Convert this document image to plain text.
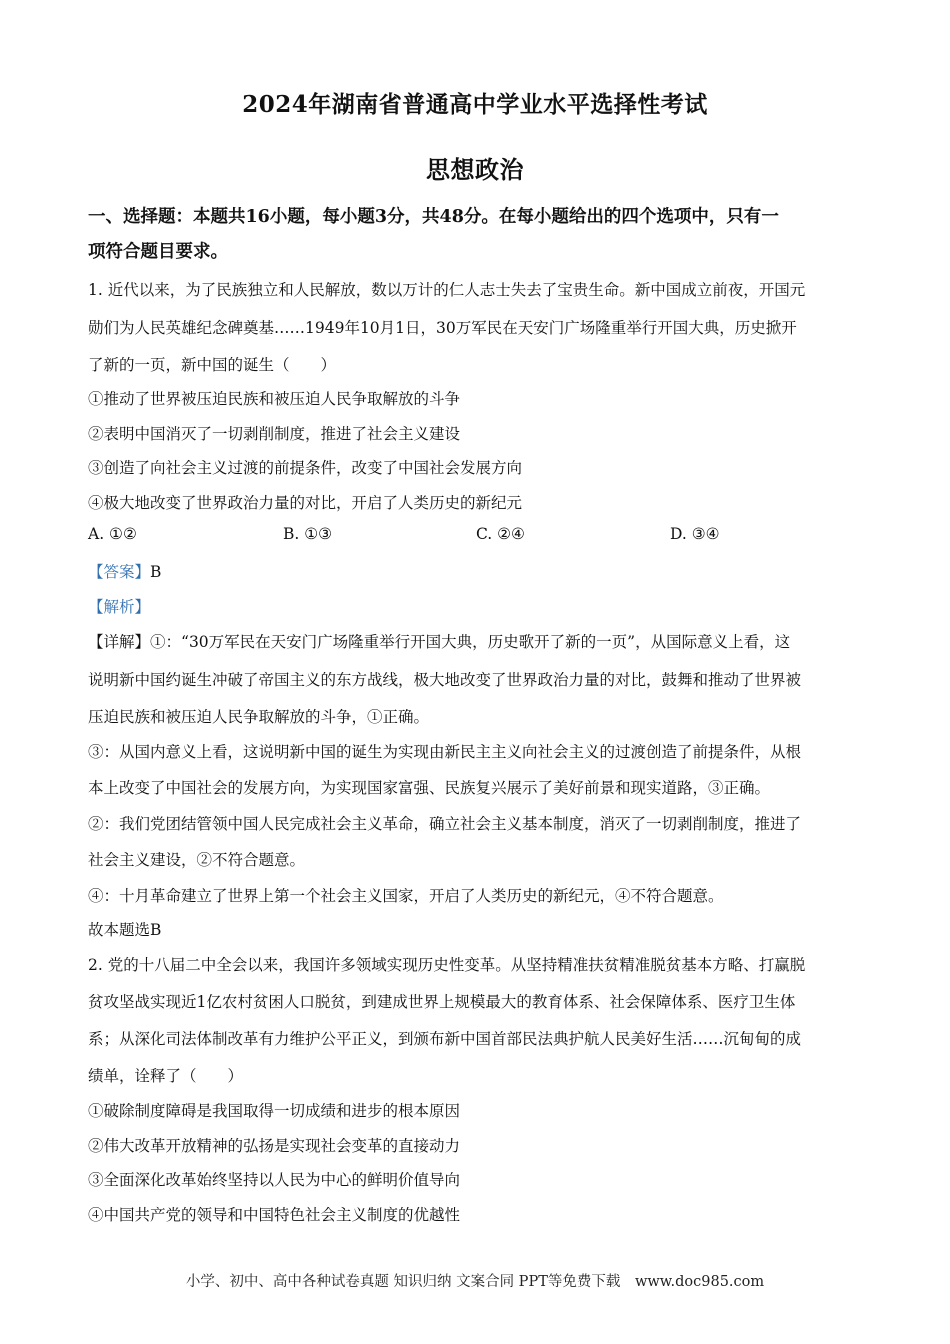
2024年湖南省普通高中学业水平选择性考试
思想政治
一、选择题：本题共16小题，每小题3分，共48分。在每小题给出的四个选项中，只有一
项符合题目要求。
1. 近代以来，为了民族独立和人民解放，数以万计的仁人志士失去了宝贵生命。新中国成立前夜，开国元
勋们为人民英雄纪念碑奠基……1949年10月1日，30万军民在天安门广场隆重举行开国大典，历史掀开
了新的一页，新中国的诞生（　　）
①推动了世界被压迫民族和被压迫人民争取解放的斗争
②表明中国消灭了一切剥削制度，推进了社会主义建设
③创造了向社会主义过渡的前提条件，改变了中国社会发展方向
④极大地改变了世界政治力量的对比，开启了人类历史的新纪元
A. ①②	B. ①③	C. ②④	D. ③④
【答案】B
【解析】
【详解】①：“30万军民在天安门广场隆重举行开国大典，历史歌开了新的一页”，从国际意义上看，这
说明新中国约诞生冲破了帝国主义的东方战线，极大地改变了世界政治力量的对比，鼓舞和推动了世界被
压迫民族和被压迫人民争取解放的斗争，①正确。
③：从国内意义上看，这说明新中国的诞生为实现由新民主主义向社会主义的过渡创造了前提条件，从根
本上改变了中国社会的发展方向，为实现国家富强、民族复兴展示了美好前景和现实道路，③正确。
②：我们党团结管领中国人民完成社会主义革命，确立社会主义基本制度，消灭了一切剥削制度，推进了
社会主义建设，②不符合题意。
④：十月革命建立了世界上第一个社会主义国家，开启了人类历史的新纪元，④不符合题意。
故本题选B
2. 党的十八届二中全会以来，我国许多领域实现历史性变革。从坚持精准扶贫精准脱贫基本方略、打赢脱
贫攻坚战实现近1亿农村贫困人口脱贫，到建成世界上规模最大的教育体系、社会保障体系、医疗卫生体
系；从深化司法体制改革有力维护公平正义，到颁布新中国首部民法典护航人民美好生活……沉甸甸的成
绩单，诠释了（　　）
①破除制度障碍是我国取得一切成绩和进步的根本原因
②伟大改革开放精神的弘扬是实现社会变革的直接动力
③全面深化改革始终坚持以人民为中心的鲜明价值导向
④中国共产党的领导和中国特色社会主义制度的优越性
小学、初中、高中各种试卷真题 知识归纳 文案合同 PPT等免费下载 www.doc985.com
